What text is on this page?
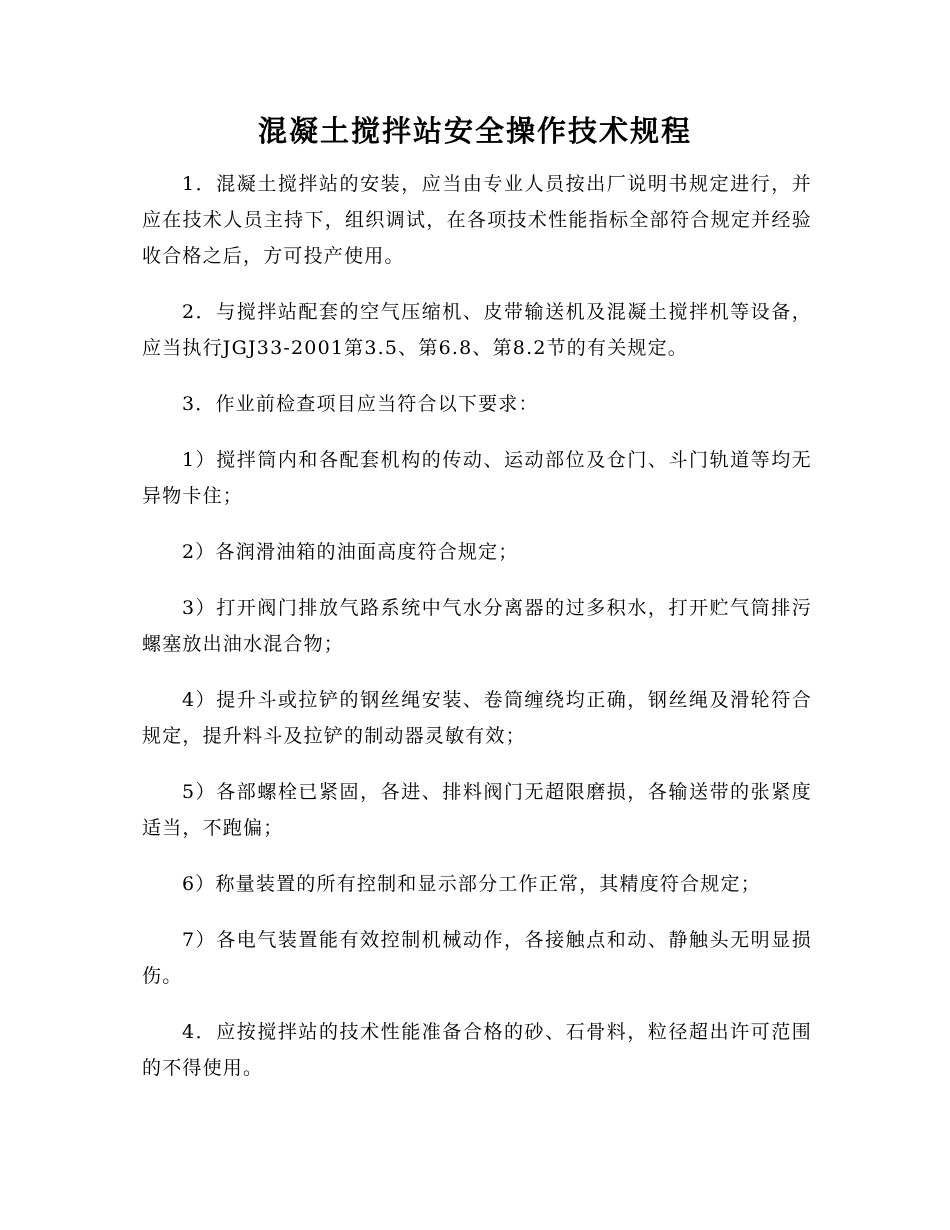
混凝土搅拌站安全操作技术规程

1．混凝土搅拌站的安装，应当由专业人员按出厂说明书规定进行，并应在技术人员主持下，组织调试，在各项技术性能指标全部符合规定并经验收合格之后，方可投产使用。

2．与搅拌站配套的空气压缩机、皮带输送机及混凝土搅拌机等设备，应当执行JGJ33-2001第3.5、第6.8、第8.2节的有关规定。

3．作业前检查项目应当符合以下要求：

1）搅拌筒内和各配套机构的传动、运动部位及仓门、斗门轨道等均无异物卡住；

2）各润滑油箱的油面高度符合规定；

3）打开阀门排放气路系统中气水分离器的过多积水，打开贮气筒排污螺塞放出油水混合物；

4）提升斗或拉铲的钢丝绳安装、卷筒缠绕均正确，钢丝绳及滑轮符合规定，提升料斗及拉铲的制动器灵敏有效；

5）各部螺栓已紧固，各进、排料阀门无超限磨损，各输送带的张紧度适当，不跑偏；

6）称量装置的所有控制和显示部分工作正常，其精度符合规定；

7）各电气装置能有效控制机械动作，各接触点和动、静触头无明显损伤。

4．应按搅拌站的技术性能准备合格的砂、石骨料，粒径超出许可范围的不得使用。
